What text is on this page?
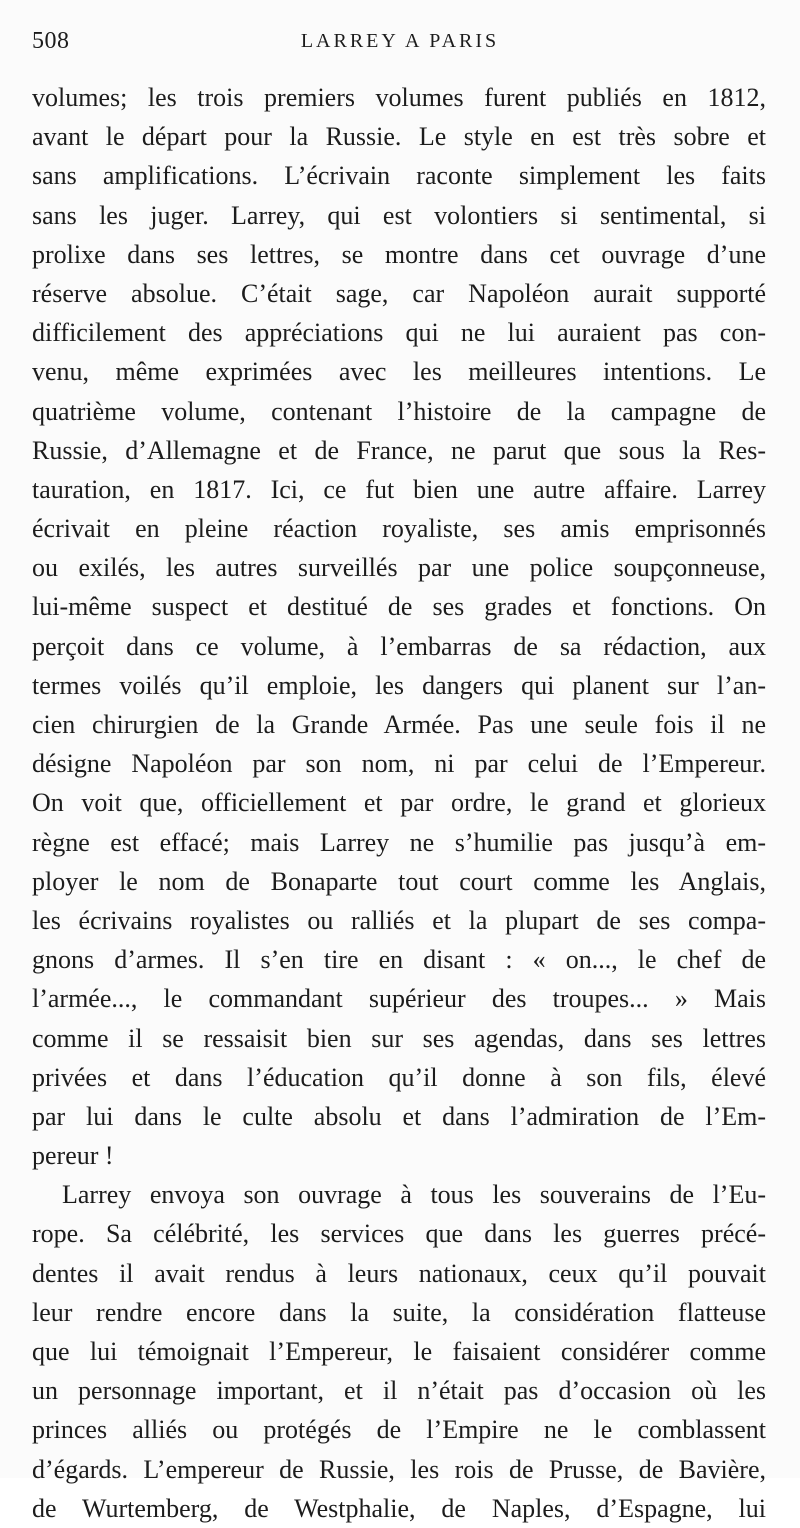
508	LARREY A PARIS
volumes; les trois premiers volumes furent publiés en 1812,
avant le départ pour la Russie. Le style en est très sobre et
sans amplifications. L’écrivain raconte simplement les faits
sans les juger. Larrey, qui est volontiers si sentimental, si
prolixe dans ses lettres, se montre dans cet ouvrage d’une
réserve absolue. C’était sage, car Napoléon aurait supporté
difficilement des appréciations qui ne lui auraient pas con-
venu, même exprimées avec les meilleures intentions. Le
quatrième volume, contenant l’histoire de la campagne de
Russie, d’Allemagne et de France, ne parut que sous la Res-
tauration, en 1817. Ici, ce fut bien une autre affaire. Larrey
écrivait en pleine réaction royaliste, ses amis emprisonnés
ou exilés, les autres surveillés par une police soupçonneuse,
lui-même suspect et destitué de ses grades et fonctions. On
perçoit dans ce volume, à l’embarras de sa rédaction, aux
termes voilés qu’il emploie, les dangers qui planent sur l’an-
cien chirurgien de la Grande Armée. Pas une seule fois il ne
désigne Napoléon par son nom, ni par celui de l’Empereur.
On voit que, officiellement et par ordre, le grand et glorieux
règne est effacé; mais Larrey ne s’humilie pas jusqu’à em-
ployer le nom de Bonaparte tout court comme les Anglais,
les écrivains royalistes ou ralliés et la plupart de ses compa-
gnons d’armes. Il s’en tire en disant : « on..., le chef de
l’armée..., le commandant supérieur des troupes... » Mais
comme il se ressaisit bien sur ses agendas, dans ses lettres
privées et dans l’éducation qu’il donne à son fils, élevé
par lui dans le culte absolu et dans l’admiration de l’Em-
pereur !
Larrey envoya son ouvrage à tous les souverains de l’Eu-
rope. Sa célébrité, les services que dans les guerres précé-
dentes il avait rendus à leurs nationaux, ceux qu’il pouvait
leur rendre encore dans la suite, la considération flatteuse
que lui témoignait l’Empereur, le faisaient considérer comme
un personnage important, et il n’était pas d’occasion où les
princes alliés ou protégés de l’Empire ne le comblassent
d’égards. L’empereur de Russie, les rois de Prusse, de Bavière,
de Wurtemberg, de Westphalie, de Naples, d’Espagne, lui
